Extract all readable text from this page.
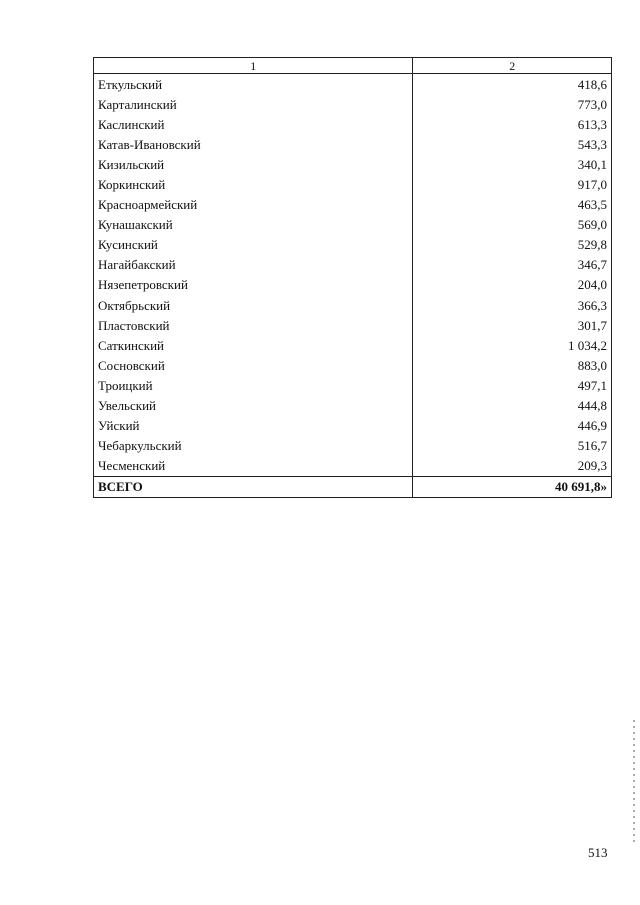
1	2
Еткульский	418,6
Карталинский	773,0
Каслинский	613,3
Катав-Ивановский	543,3
Кизильский	340,1
Коркинский	917,0
Красноармейский	463,5
Кунашакский	569,0
Кусинский	529,8
Нагайбакский	346,7
Нязепетровский	204,0
Октябрьский	366,3
Пластовский	301,7
Саткинский	1 034,2
Сосновский	883,0
Троицкий	497,1
Увельский	444,8
Уйский	446,9
Чебаркульский	516,7
Чесменский	209,3
ВСЕГО	40 691,8»
513
